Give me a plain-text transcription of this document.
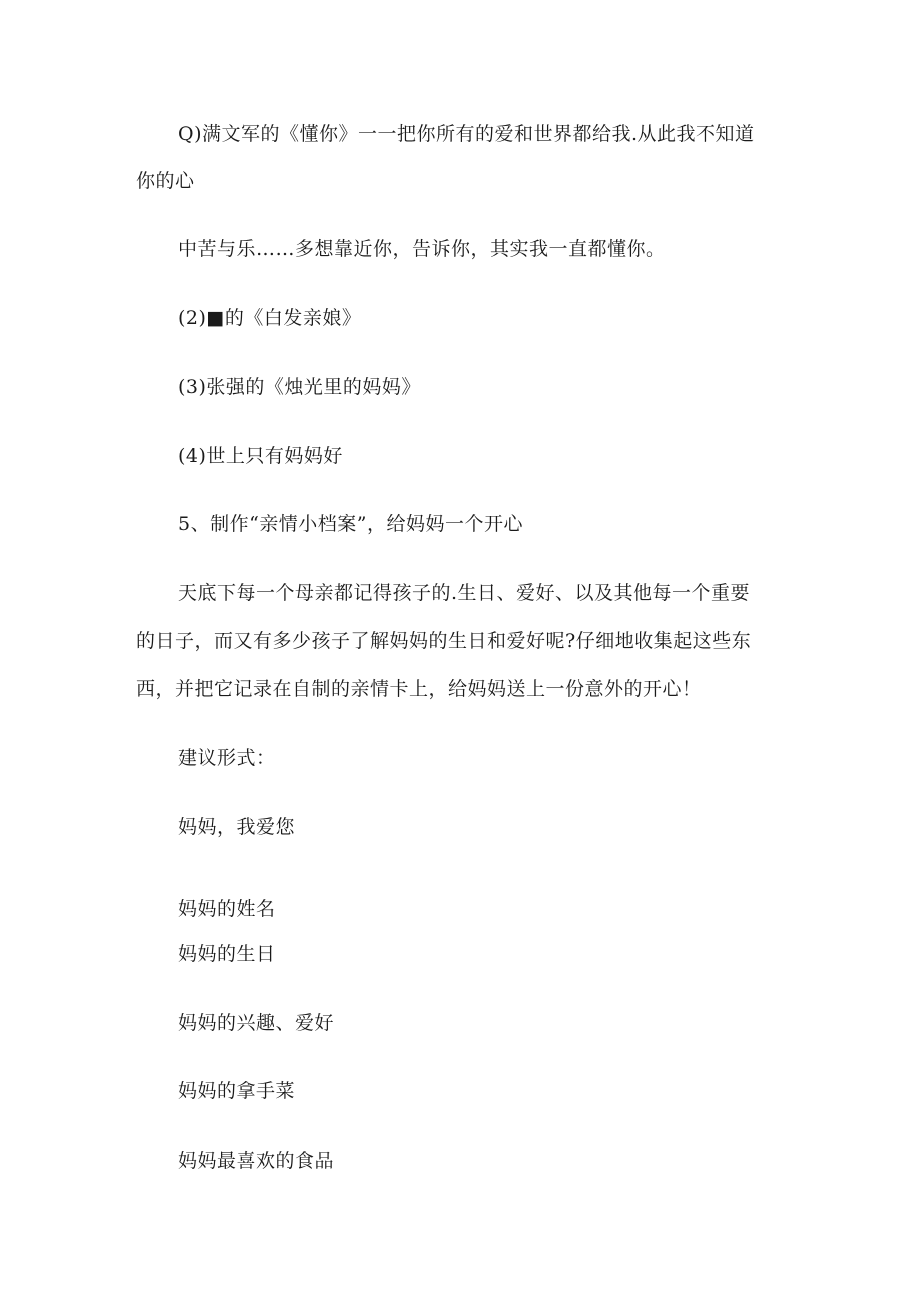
Q)满文军的《懂你》一一把你所有的爱和世界都给我.从此我不知道
你的心
中苦与乐……多想靠近你，告诉你，其实我一直都懂你。
(2)■的《白发亲娘》
(3)张强的《烛光里的妈妈》
(4)世上只有妈妈好
5、制作“亲情小档案”，给妈妈一个开心
天底下每一个母亲都记得孩子的.生日、爱好、以及其他每一个重要
的日子，而又有多少孩子了解妈妈的生日和爱好呢?仔细地收集起这些东
西，并把它记录在自制的亲情卡上，给妈妈送上一份意外的开心！
建议形式：
妈妈，我爱您
妈妈的姓名
妈妈的生日
妈妈的兴趣、爱好
妈妈的拿手菜
妈妈最喜欢的食品
